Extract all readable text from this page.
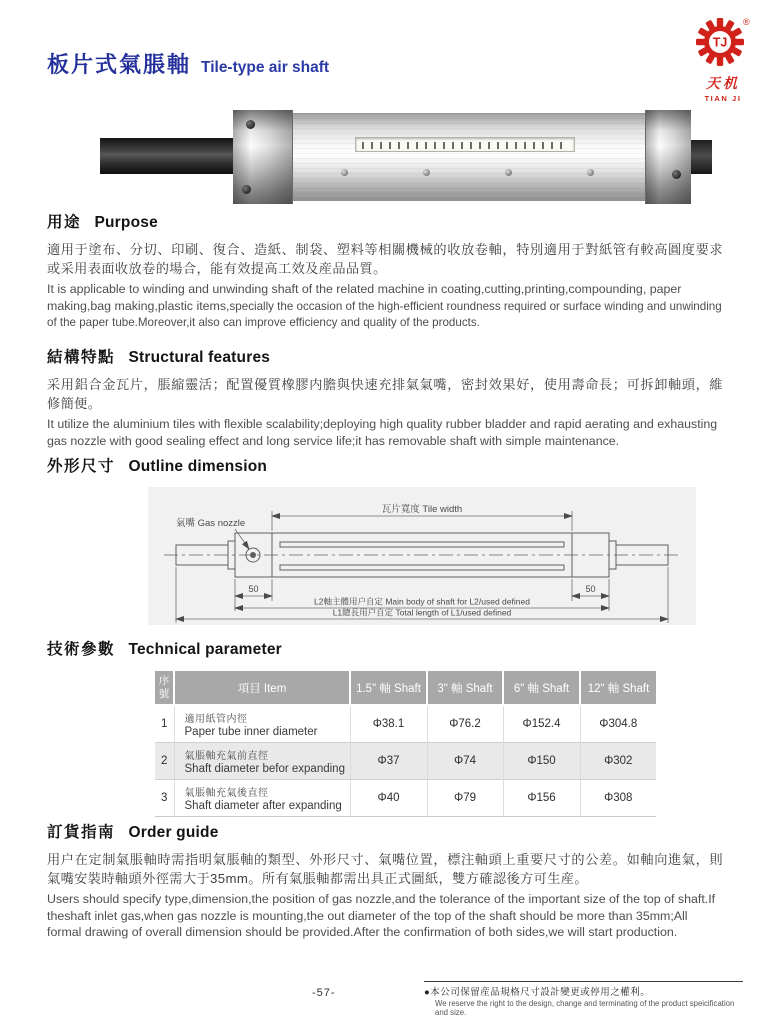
板片式氣脹軸 Tile-type air shaft
TJ
®
天机
TIAN JI
用途 Purpose

適用于塗布、分切、印刷、復合、造紙、制袋、塑料等相關機械的收放卷軸，特別適用于對紙管有較高圓度要求或采用表面收放卷的場合，能有效提高工效及産品品質。

It is applicable to winding and unwinding shaft of the related machine in coating,cutting,printing,compounding, paper making,bag making,plastic items,specially the occasion of the high-efficient roundness required or surface winding and unwinding of the paper tube.Moreover,it also can improve efficiency and quality of the products.

結構特點 Structural features

采用鋁合金瓦片，脹縮靈活；配置優質橡膠内膽與快速充排氣氣嘴，密封效果好，使用壽命長；可拆卸軸頭，維修簡便。

It utilize the aluminium tiles with flexible scalability;deploying high quality rubber bladder and rapid aerating and exhausting gas nozzle with good sealing effect and long service life;it has removable shaft with simple maintenance.

外形尺寸 Outline dimension
瓦片寬度 Tile width
氣嘴 Gas nozzle
50	50
L2軸主體用户自定 Main body of shaft for L2/used defined
L1總長用户自定 Total length of L1/used defined
技術參數 Technical parameter
序號	項目 Item	1.5" 軸 Shaft	3" 軸 Shaft	6" 軸 Shaft	12" 軸 Shaft
1	適用紙管内徑
Paper tube inner diameter	Φ38.1	Φ76.2	Φ152.4	Φ304.8
2	氣脹軸充氣前直徑
Shaft diameter befor expanding	Φ37	Φ74	Φ150	Φ302
3	氣脹軸充氣後直徑
Shaft diameter after expanding	Φ40	Φ79	Φ156	Φ308
訂貨指南 Order guide

用户在定制氣脹軸時需指明氣脹軸的類型、外形尺寸、氣嘴位置，標注軸頭上重要尺寸的公差。如軸向進氣，則氣嘴安裝時軸頭外徑需大于35mm。所有氣脹軸都需出具正式圖紙，雙方確認後方可生産。

Users should specify type,dimension,the position of gas nozzle,and the tolerance of the important size of the top of shaft.If theshaft inlet gas,when gas nozzle is mounting,the out diameter of the top of the shaft should be more than 35mm;All formal drawing of overall dimension should be provided.After the confirmation of both sides,we will start production.

-57-	●本公司保留産品規格尺寸設計變更或停用之權利。
We reserve the right to the design, change and terminating of the product speicification and size.
